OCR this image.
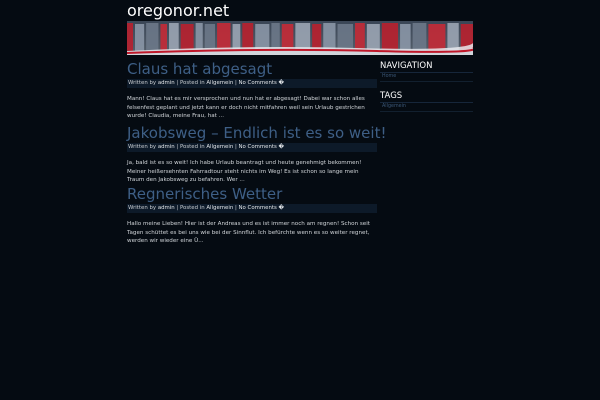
oregonor.net
Claus hat abgesagt
Written by admin | Posted in Allgemein | No Comments �
Mann! Claus hat es mir versprochen und nun hat er abgesagt! Dabei war schon alles felsenfest geplant und jetzt kann er doch nicht mitfahren weil sein Urlaub gestrichen wurde! Claudia, meine Frau, hat ...
Jakobsweg – Endlich ist es so weit!
Written by admin | Posted in Allgemein | No Comments �
Ja, bald ist es so weit! Ich habe Urlaub beantragt und heute genehmigt bekommen! Meiner heißersehnten Fahrradtour steht nichts im Weg! Es ist schon so lange mein Traum den Jakobsweg zu befahren. Wer ...
Regnerisches Wetter
Written by admin | Posted in Allgemein | No Comments �
Hallo meine Lieben! Hier ist der Andreas und es ist immer noch am regnen! Schon seit Tagen schüttet es bei uns wie bei der Sinnflut. Ich befürchte wenn es so weiter regnet, werden wir wieder eine Ü...
NAVIGATION
Home
TAGS
Allgemein
